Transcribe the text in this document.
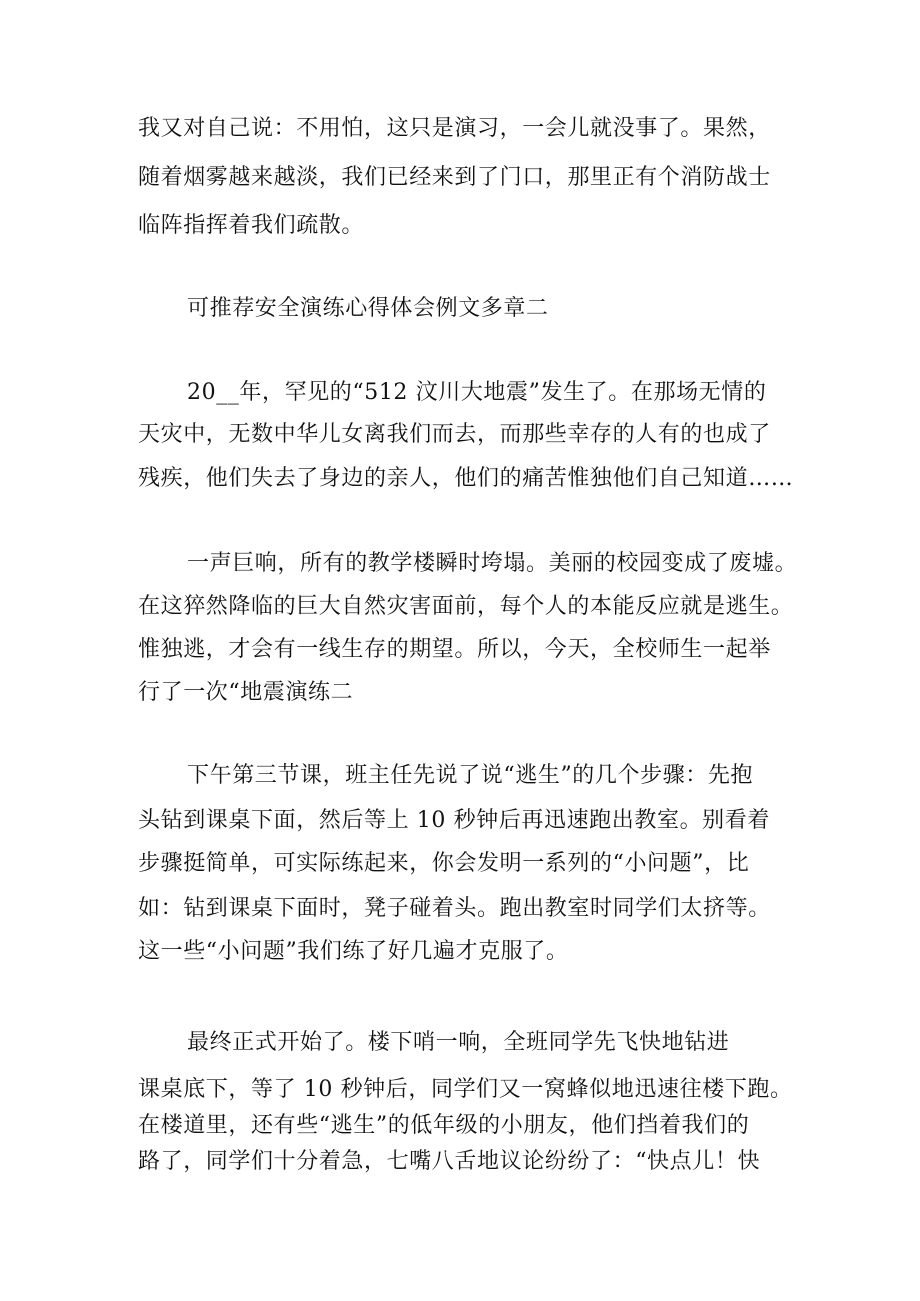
我又对自己说：不用怕，这只是演习，一会儿就没事了。果然，
随着烟雾越来越淡，我们已经来到了门口，那里正有个消防战士
临阵指挥着我们疏散。
可推荐安全演练心得体会例文多章二
20__年，罕见的“512 汶川大地震”发生了。在那场无情的
天灾中，无数中华儿女离我们而去，而那些幸存的人有的也成了
残疾，他们失去了身边的亲人，他们的痛苦惟独他们自己知道……
一声巨响，所有的教学楼瞬时垮塌。美丽的校园变成了废墟。
在这猝然降临的巨大自然灾害面前，每个人的本能反应就是逃生。
惟独逃，才会有一线生存的期望。所以，今天，全校师生一起举
行了一次“地震演练二
下午第三节课，班主任先说了说“逃生”的几个步骤：先抱
头钻到课桌下面，然后等上 10 秒钟后再迅速跑出教室。别看着
步骤挺简单，可实际练起来，你会发明一系列的“小问题”，比
如：钻到课桌下面时，凳子碰着头。跑出教室时同学们太挤等。
这一些“小问题”我们练了好几遍才克服了。
最终正式开始了。楼下哨一响，全班同学先飞快地钻进
课桌底下，等了 10 秒钟后，同学们又一窝蜂似地迅速往楼下跑。
在楼道里，还有些“逃生”的低年级的小朋友，他们挡着我们的
路了，同学们十分着急，七嘴八舌地议论纷纷了：“快点儿！快
